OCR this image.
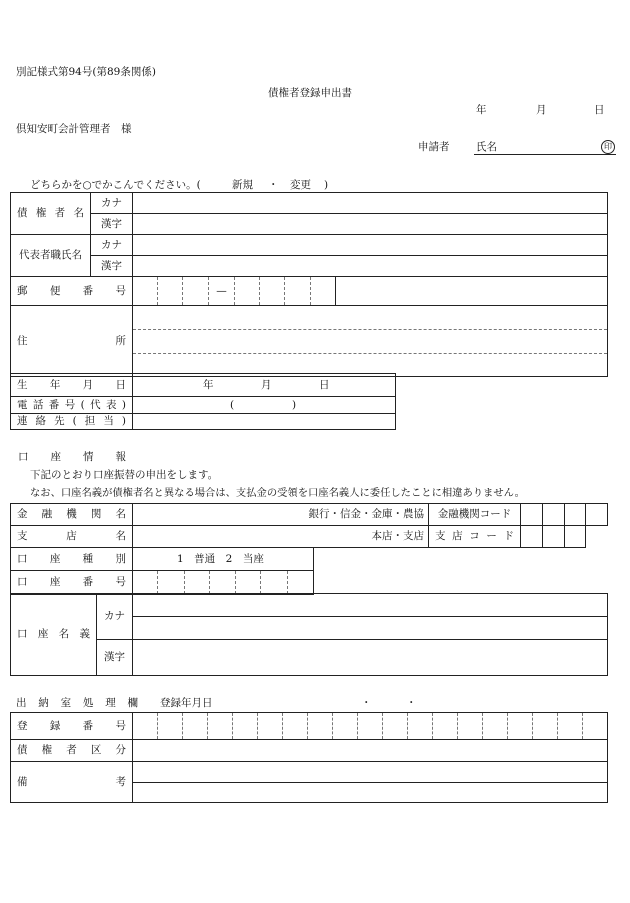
別記様式第94号(第89条関係)
債権者登録申出書
年	月	日
倶知安町会計管理者　様
申請者	氏名	印
どちらかを○でかこんでください。(	新規 ・ 変更 )
債権者名	カナ	
	漢字	
代表者職氏名	カナ	
	漢字	
郵便番号		—

住所		
生年月日	年 月 日

電話番号(代表)	( )

連絡先(担当)	
口座情報
下記のとおり口座振替の申出をします。
なお、口座名義が債権者名と異なる場合は、支払金の受領を口座名義人に委任したことに相違ありません。
金融機関名	銀行・信金・金庫・農協	金融機関コード				
支店名	本店・支店	支店コード				
口座種別	1　普通　2　当座
口座番号	
口座名義	カナ	

	漢字	
出納室処理欄 登録年月日	・	・
登録番号	

債権者区分	
備考	
